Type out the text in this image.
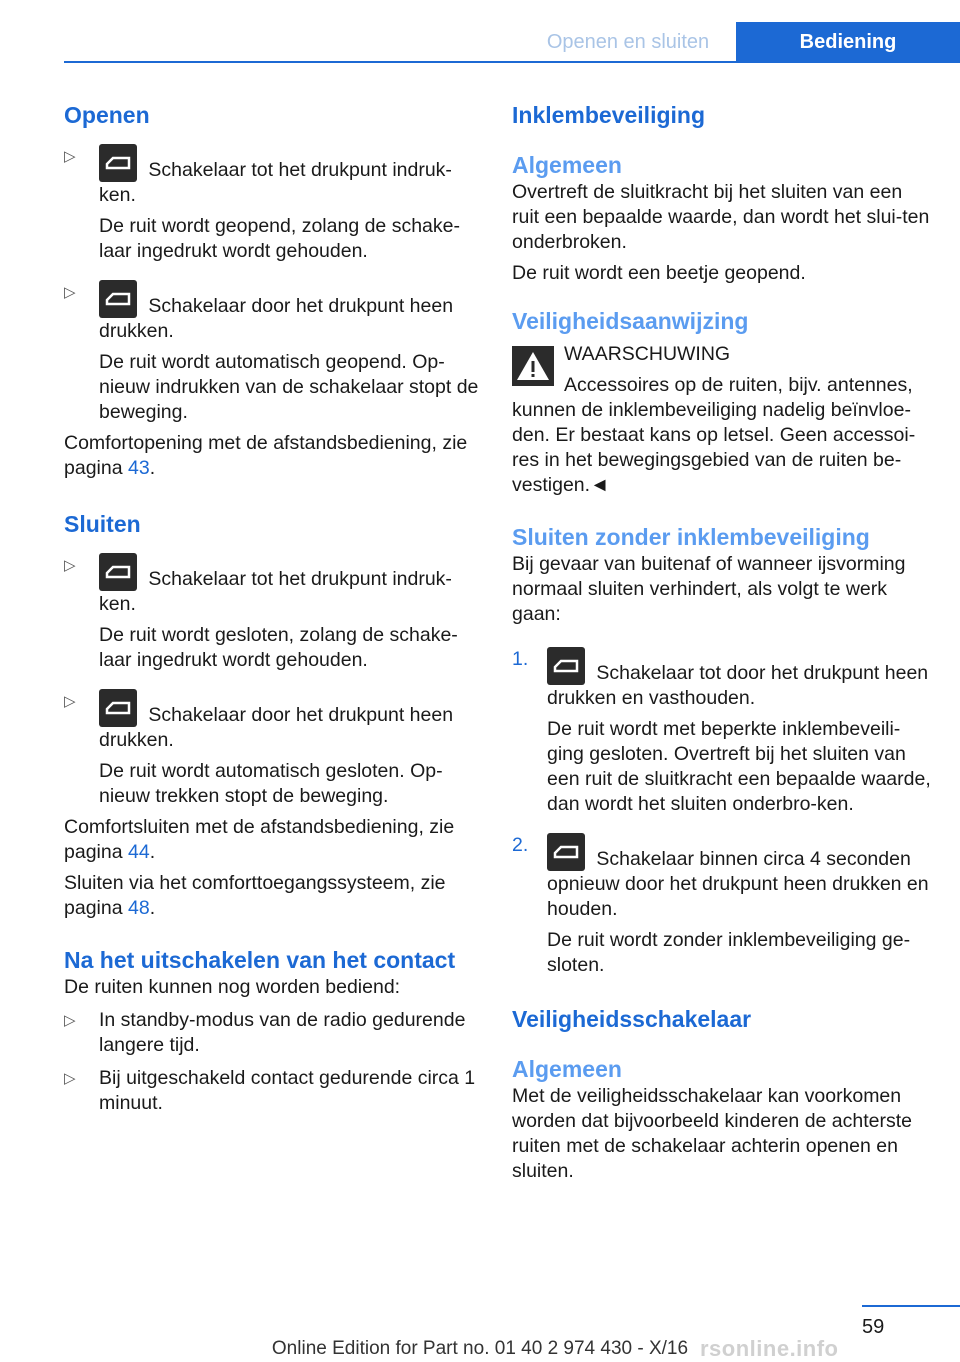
Openen en sluiten	Bediening
Openen
▷
Schakelaar tot het drukpunt indruk-ken.
De ruit wordt geopend, zolang de schake-laar ingedrukt wordt gehouden.
▷
Schakelaar door het drukpunt heen drukken.
De ruit wordt automatisch geopend. Op-nieuw indrukken van de schakelaar stopt de beweging.
Comfortopening met de afstandsbediening, zie pagina 43.
Sluiten
▷
Schakelaar tot het drukpunt indruk-ken.
De ruit wordt gesloten, zolang de schake-laar ingedrukt wordt gehouden.
▷
Schakelaar door het drukpunt heen drukken.
De ruit wordt automatisch gesloten. Op-nieuw trekken stopt de beweging.
Comfortsluiten met de afstandsbediening, zie pagina 44.
Sluiten via het comforttoegangssysteem, zie pagina 48.
Na het uitschakelen van het contact
De ruiten kunnen nog worden bediend:
▷ In standby-modus van de radio gedurende langere tijd.
▷ Bij uitgeschakeld contact gedurende circa 1 minuut.
Inklembeveiliging
Algemeen
Overtreft de sluitkracht bij het sluiten van een ruit een bepaalde waarde, dan wordt het slui-ten onderbroken.
De ruit wordt een beetje geopend.
Veiligheidsaanwijzing
WAARSCHUWING
Accessoires op de ruiten, bijv. antennes,
kunnen de inklembeveiliging nadelig beïnvloe-den. Er bestaat kans op letsel. Geen accessoi-res in het bewegingsgebied van de ruiten be-vestigen.◄
Sluiten zonder inklembeveiliging
Bij gevaar van buitenaf of wanneer ijsvorming normaal sluiten verhindert, als volgt te werk gaan:
1.
Schakelaar tot door het drukpunt heen drukken en vasthouden.
De ruit wordt met beperkte inklembeveili-ging gesloten. Overtreft bij het sluiten van een ruit de sluitkracht een bepaalde waarde, dan wordt het sluiten onderbro-ken.
2.
Schakelaar binnen circa 4 seconden opnieuw door het drukpunt heen drukken en houden.
De ruit wordt zonder inklembeveiliging ge-sloten.
Veiligheidsschakelaar
Algemeen
Met de veiligheidsschakelaar kan voorkomen worden dat bijvoorbeeld kinderen de achterste ruiten met de schakelaar achterin openen en sluiten.
59
Online Edition for Part no. 01 40 2 974 430 - X/16 rsonline.info
